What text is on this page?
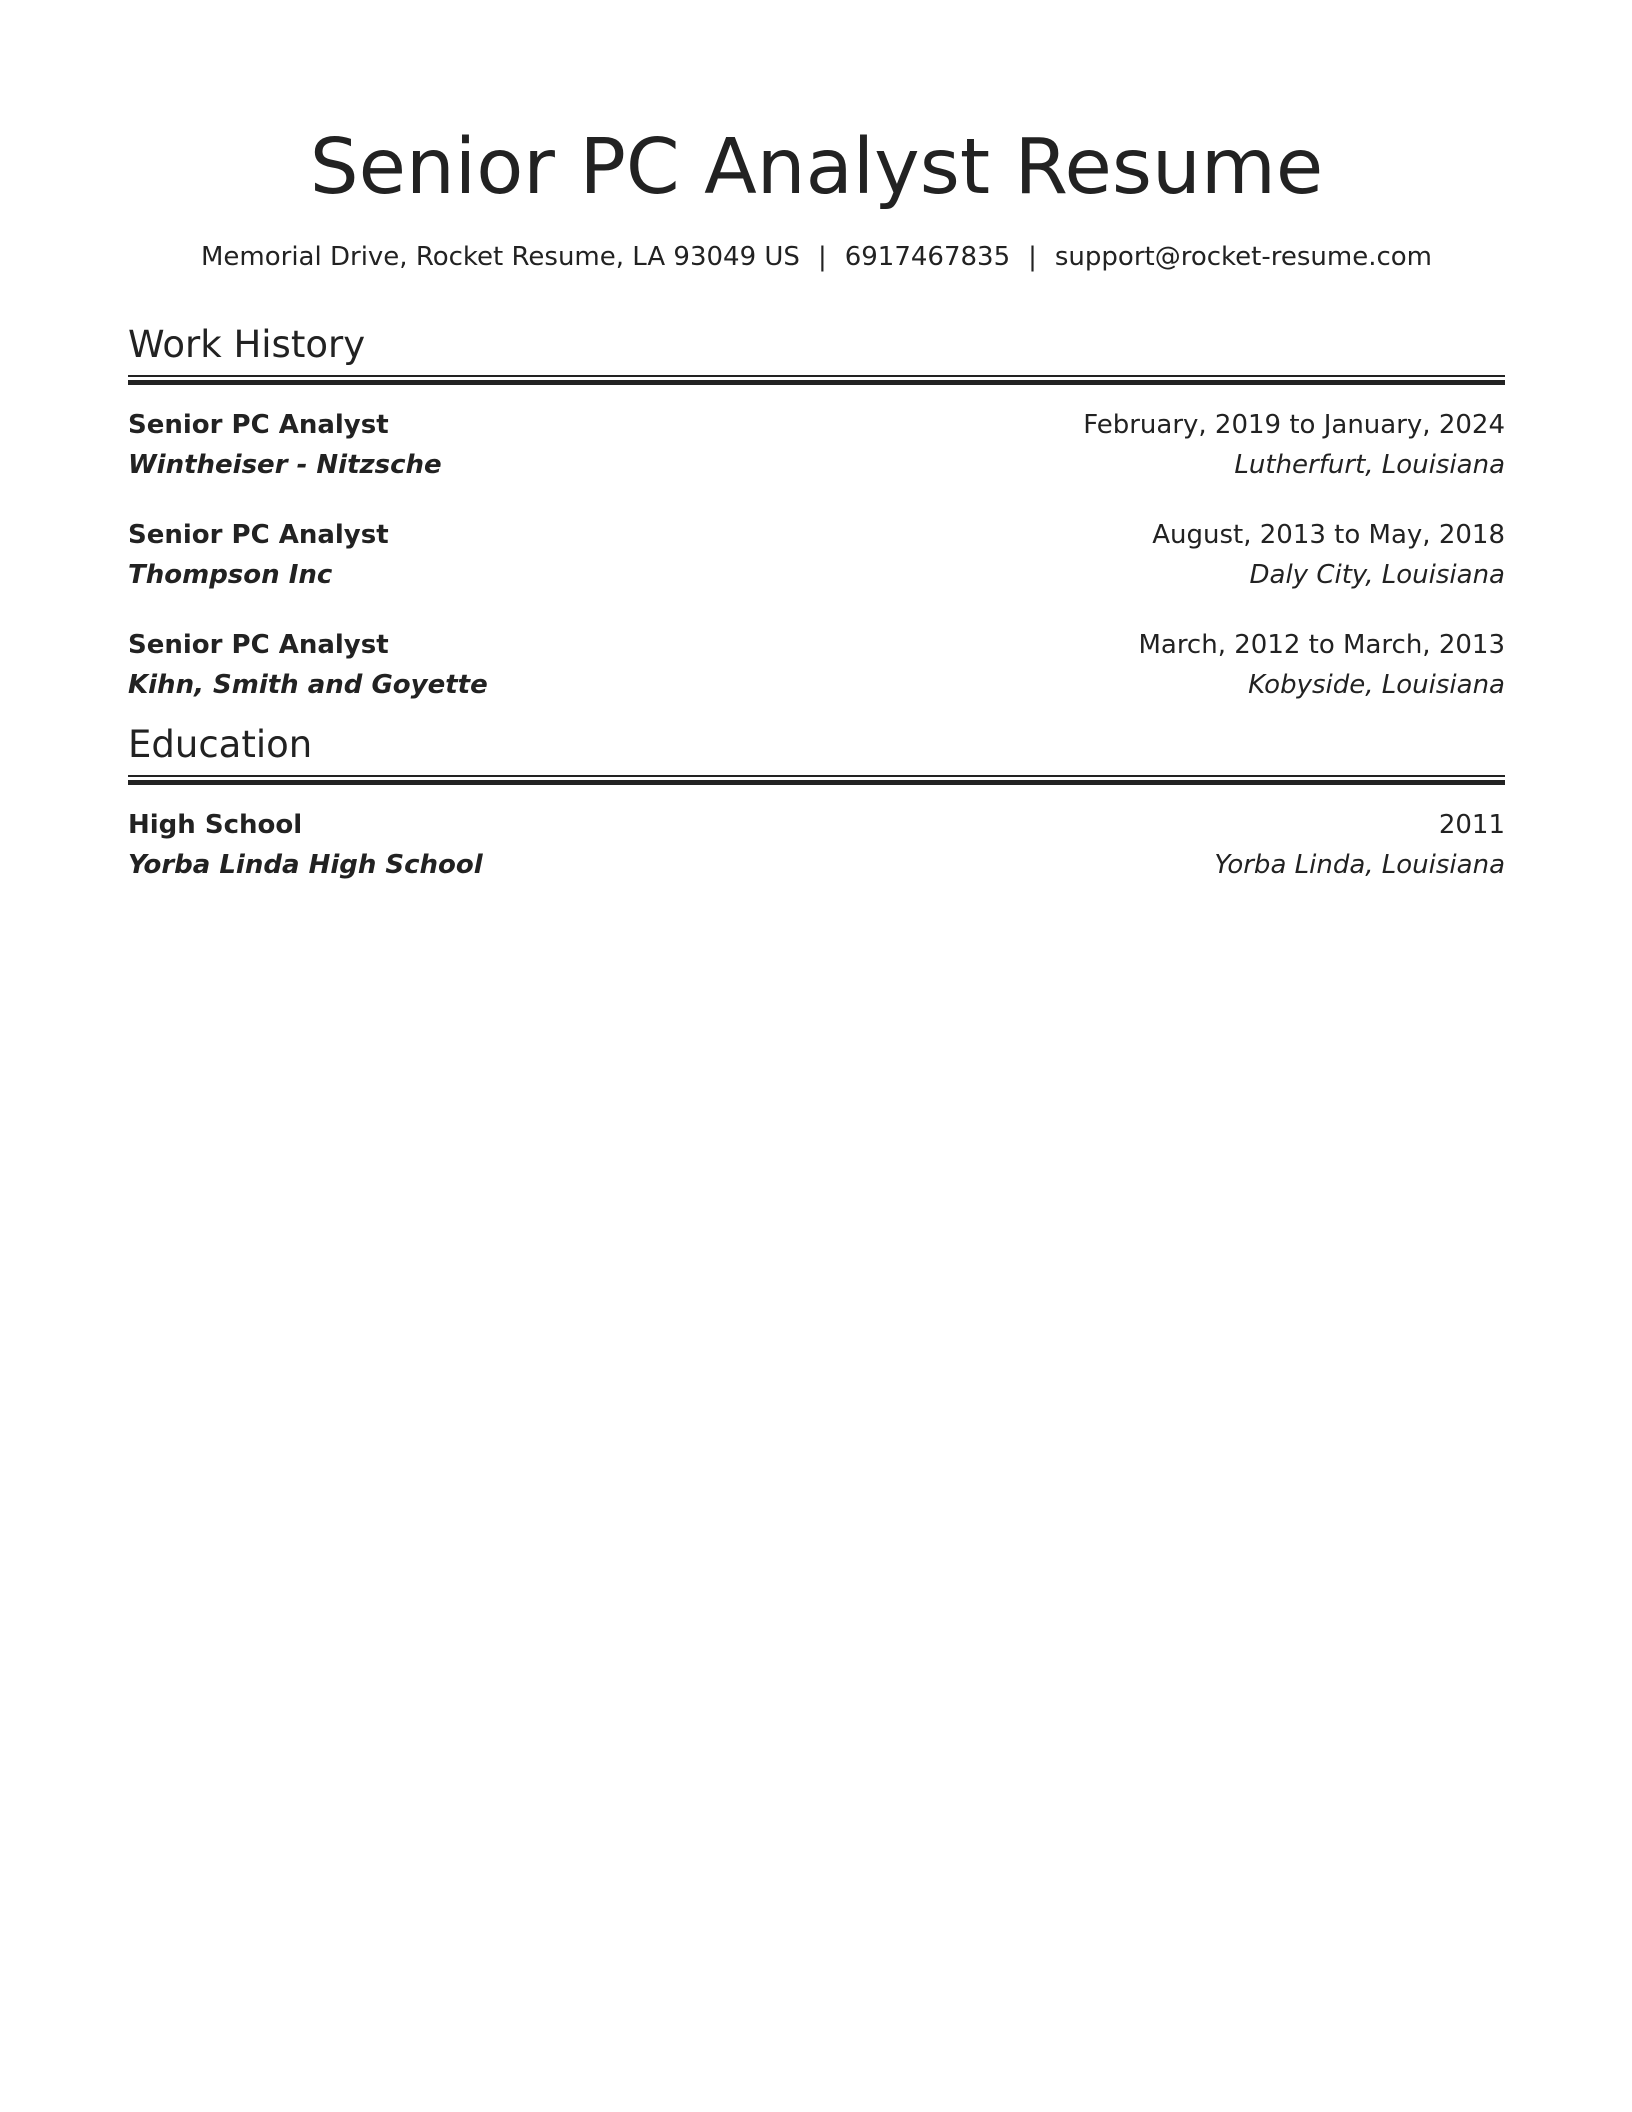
Senior PC Analyst Resume
Memorial Drive, Rocket Resume, LA 93049 US | 6917467835 | support@rocket-resume.com
Work History
Senior PC Analyst	February, 2019 to January, 2024
Wintheiser - Nitzsche	Lutherfurt, Louisiana
Senior PC Analyst	August, 2013 to May, 2018
Thompson Inc	Daly City, Louisiana
Senior PC Analyst	March, 2012 to March, 2013
Kihn, Smith and Goyette	Kobyside, Louisiana
Education
High School	2011
Yorba Linda High School	Yorba Linda, Louisiana
